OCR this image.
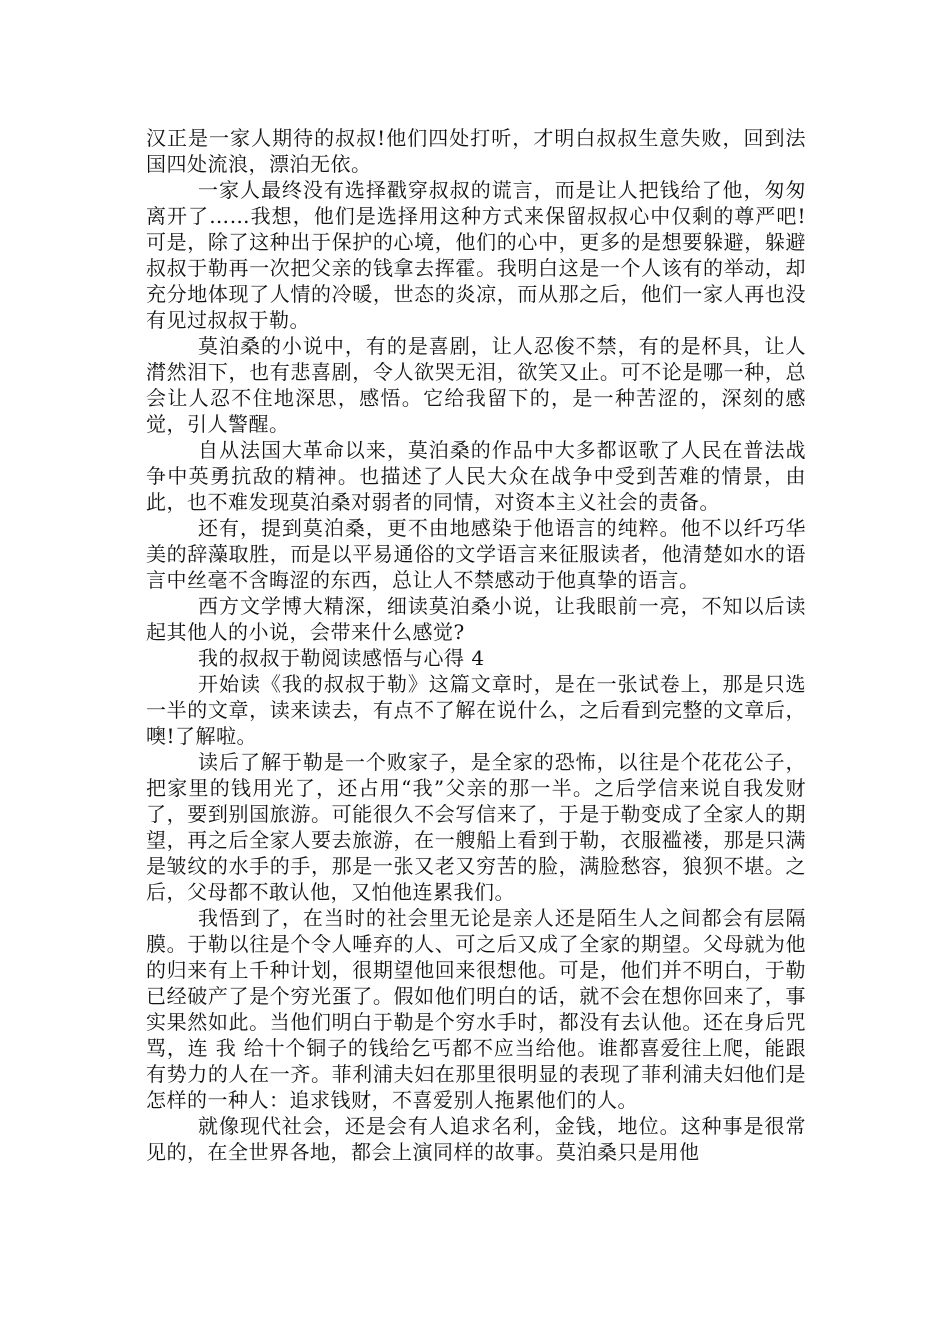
汉正是一家人期待的叔叔!他们四处打听，才明白叔叔生意失败，回到法国四处流浪，漂泊无依。

一家人最终没有选择戳穿叔叔的谎言，而是让人把钱给了他，匆匆离开了……我想，他们是选择用这种方式来保留叔叔心中仅剩的尊严吧!可是，除了这种出于保护的心境，他们的心中，更多的是想要躲避，躲避叔叔于勒再一次把父亲的钱拿去挥霍。我明白这是一个人该有的举动，却充分地体现了人情的冷暖，世态的炎凉，而从那之后，他们一家人再也没有见过叔叔于勒。

莫泊桑的小说中，有的是喜剧，让人忍俊不禁，有的是杯具，让人潸然泪下，也有悲喜剧，令人欲哭无泪，欲笑又止。可不论是哪一种，总会让人忍不住地深思，感悟。它给我留下的，是一种苦涩的，深刻的感觉，引人警醒。

自从法国大革命以来，莫泊桑的作品中大多都讴歌了人民在普法战争中英勇抗敌的精神。也描述了人民大众在战争中受到苦难的情景，由此，也不难发现莫泊桑对弱者的同情，对资本主义社会的责备。

还有，提到莫泊桑，更不由地感染于他语言的纯粹。他不以纤巧华美的辞藻取胜，而是以平易通俗的文学语言来征服读者，他清楚如水的语言中丝毫不含晦涩的东西，总让人不禁感动于他真挚的语言。

西方文学博大精深，细读莫泊桑小说，让我眼前一亮，不知以后读起其他人的小说，会带来什么感觉?

我的叔叔于勒阅读感悟与心得 4

开始读《我的叔叔于勒》这篇文章时，是在一张试卷上，那是只选一半的文章，读来读去，有点不了解在说什么，之后看到完整的文章后，噢!了解啦。

读后了解于勒是一个败家子，是全家的恐怖，以往是个花花公子，把家里的钱用光了，还占用“我”父亲的那一半。之后学信来说自我发财了，要到别国旅游。可能很久不会写信来了，于是于勒变成了全家人的期望，再之后全家人要去旅游，在一艘船上看到于勒，衣服褴褛，那是只满是皱纹的水手的手，那是一张又老又穷苦的脸，满脸愁容，狼狈不堪。之后，父母都不敢认他，又怕他连累我们。

我悟到了，在当时的社会里无论是亲人还是陌生人之间都会有层隔膜。于勒以往是个令人唾弃的人、可之后又成了全家的期望。父母就为他的归来有上千种计划，很期望他回来很想他。可是，他们并不明白，于勒已经破产了是个穷光蛋了。假如他们明白的话，就不会在想你回来了，事实果然如此。当他们明白于勒是个穷水手时，都没有去认他。还在身后咒骂，连 我 给十个铜子的钱给乞丐都不应当给他。谁都喜爱往上爬，能跟有势力的人在一齐。菲利浦夫妇在那里很明显的表现了菲利浦夫妇他们是怎样的一种人：追求钱财，不喜爱别人拖累他们的人。

就像现代社会，还是会有人追求名利，金钱，地位。这种事是很常见的，在全世界各地，都会上演同样的故事。莫泊桑只是用他
